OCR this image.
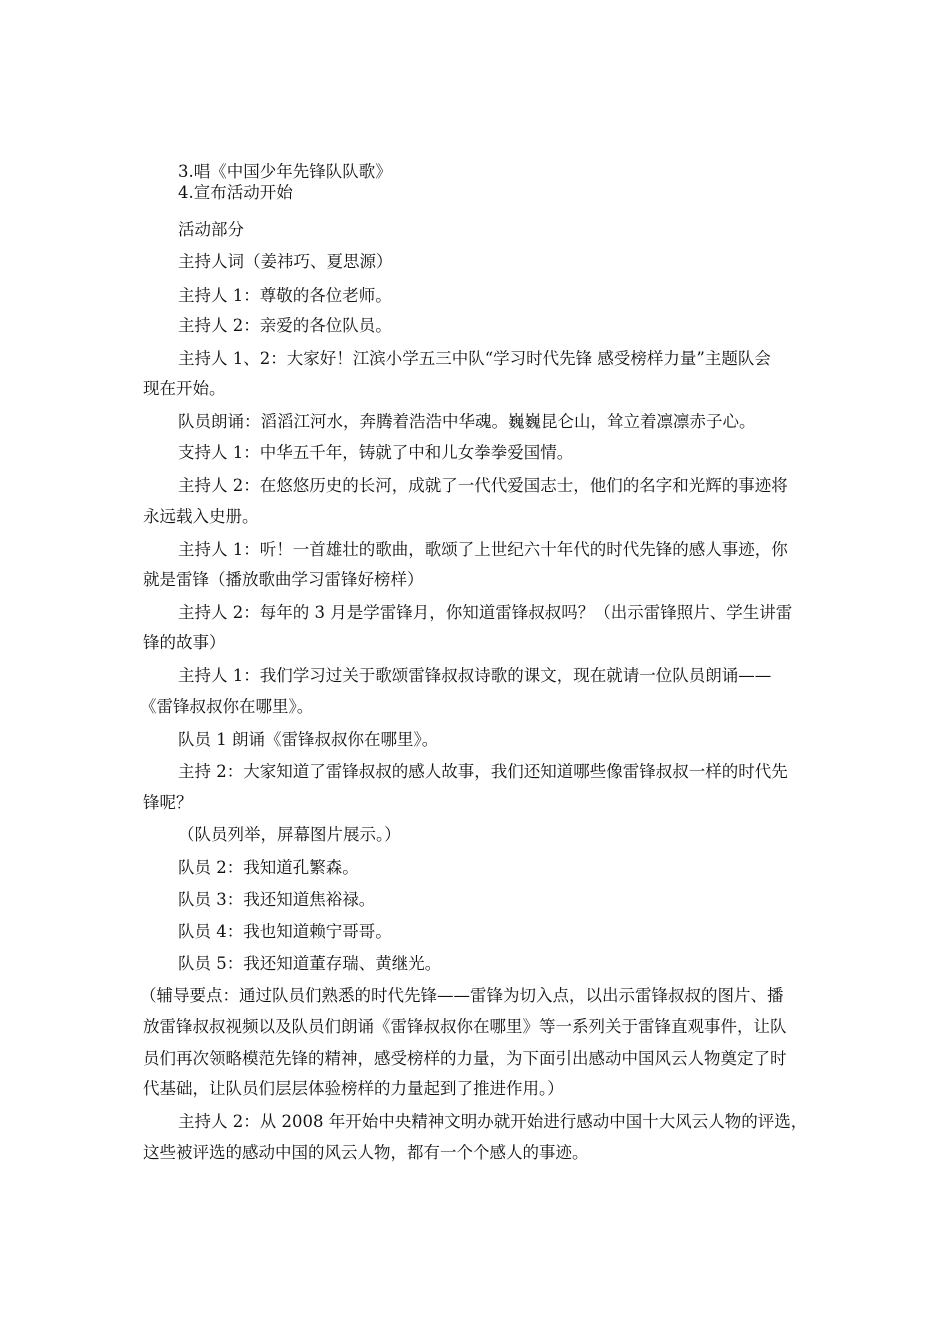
3.唱《中国少年先锋队队歌》
4.宣布活动开始
活动部分
主持人词（姜祎巧、夏思源）
主持人 1：尊敬的各位老师。
主持人 2：亲爱的各位队员。
主持人 1、2：大家好！江滨小学五三中队“学习时代先锋 感受榜样力量”主题队会
现在开始。
队员朗诵：滔滔江河水，奔腾着浩浩中华魂。巍巍昆仑山，耸立着凛凛赤子心。
支持人 1：中华五千年，铸就了中和儿女拳拳爱国情。
主持人 2：在悠悠历史的长河，成就了一代代爱国志士，他们的名字和光辉的事迹将
永远载入史册。
主持人 1：听！一首雄壮的歌曲，歌颂了上世纪六十年代的时代先锋的感人事迹，你
就是雷锋（播放歌曲学习雷锋好榜样）
主持人 2：每年的 3 月是学雷锋月，你知道雷锋叔叔吗？（出示雷锋照片、学生讲雷
锋的故事）
主持人 1：我们学习过关于歌颂雷锋叔叔诗歌的课文，现在就请一位队员朗诵——
《雷锋叔叔你在哪里》。
队员 1 朗诵《雷锋叔叔你在哪里》。
主持 2：大家知道了雷锋叔叔的感人故事，我们还知道哪些像雷锋叔叔一样的时代先
锋呢？
（队员列举，屏幕图片展示。）
队员 2：我知道孔繁森。
队员 3：我还知道焦裕禄。
队员 4：我也知道赖宁哥哥。
队员 5：我还知道董存瑞、黄继光。
（辅导要点：通过队员们熟悉的时代先锋——雷锋为切入点，以出示雷锋叔叔的图片、播
放雷锋叔叔视频以及队员们朗诵《雷锋叔叔你在哪里》等一系列关于雷锋直观事件，让队
员们再次领略模范先锋的精神，感受榜样的力量，为下面引出感动中国风云人物奠定了时
代基础，让队员们层层体验榜样的力量起到了推进作用。）
主持人 2：从 2008 年开始中央精神文明办就开始进行感动中国十大风云人物的评选，
这些被评选的感动中国的风云人物，都有一个个感人的事迹。
